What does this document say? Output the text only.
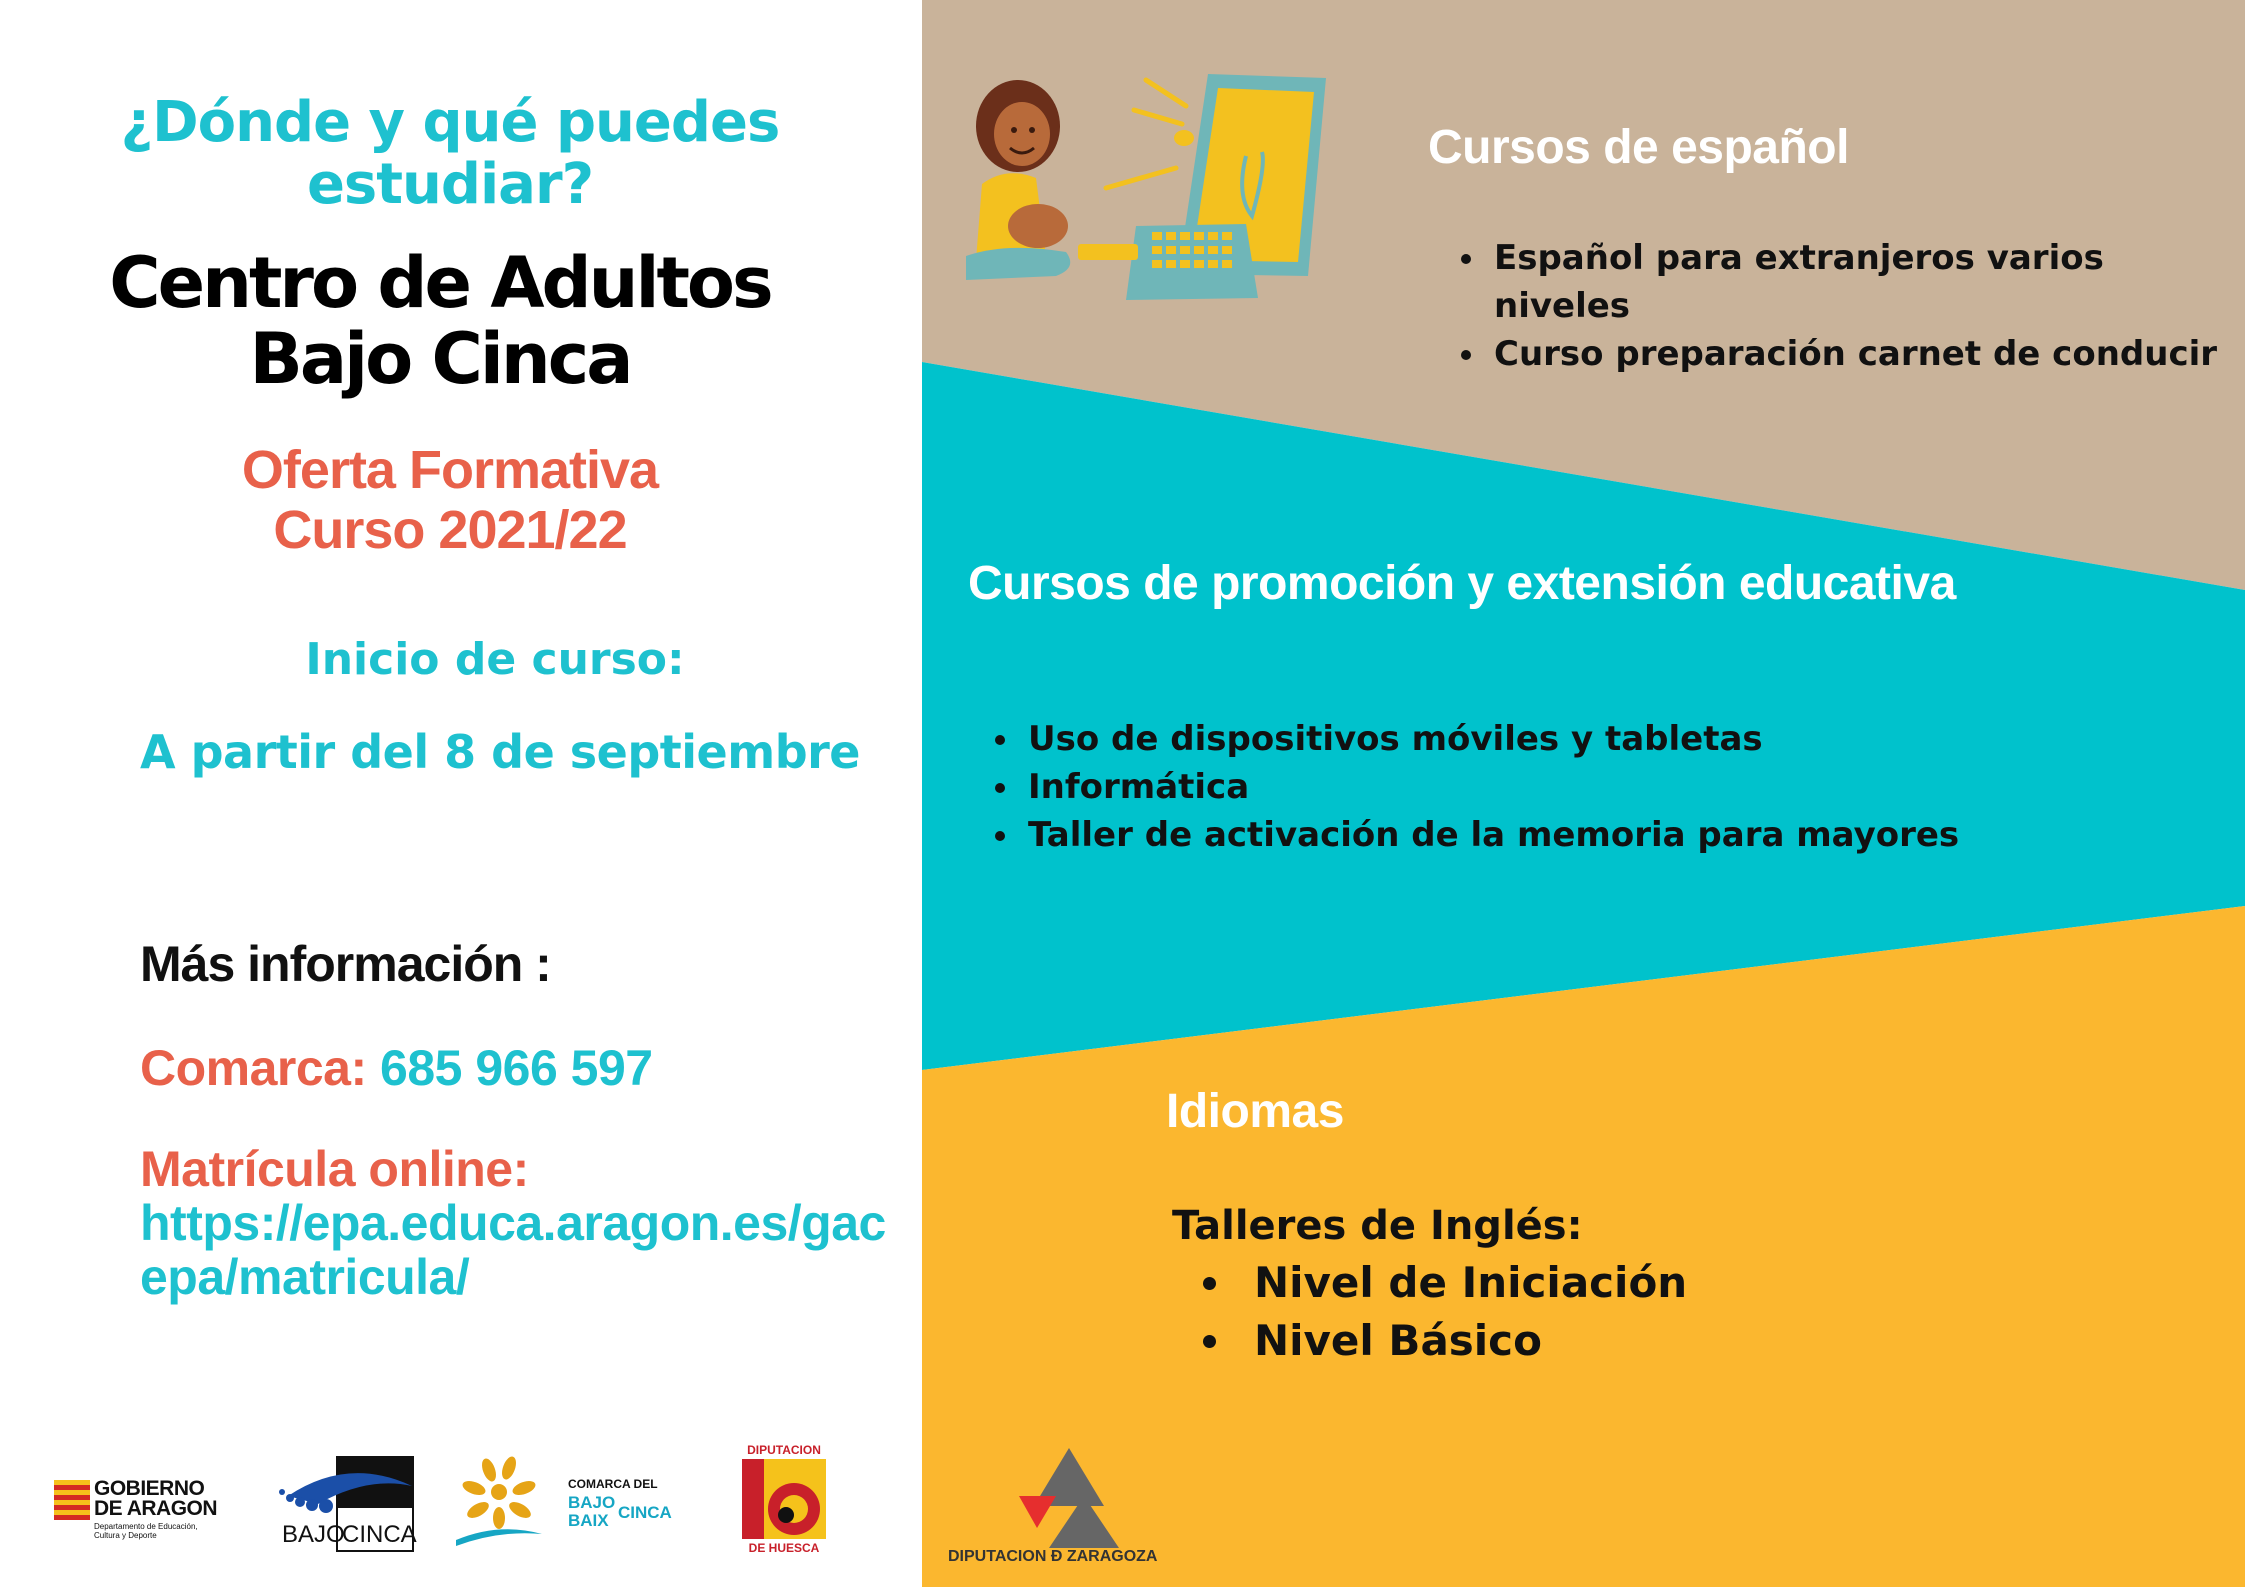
¿Dónde y qué puedes
estudiar?
Centro de Adultos
Bajo Cinca
Oferta Formativa
Curso 2021/22
Inicio de curso:
A partir del 8 de septiembre
Más información :
Comarca: 685 966 597
Matrícula online:
https://epa.educa.aragon.es/gacepa/matricula/
GOBIERNO
DE ARAGON
Departamento de Educación,
Cultura y Deporte	BAJO
CINCA
COMARCA DEL
BAJO
BAIX CINCA
DIPUTACION
DE HUESCA
Cursos de español
• Español para extranjeros varios niveles
• Curso preparación carnet de conducir
Cursos de promoción y extensión educativa
• Uso de dispositivos móviles y tabletas
• Informática
• Taller de activación de la memoria para mayores
Idiomas
Talleres de Inglés:
• Nivel de Iniciación
• Nivel Básico
DIPUTACION Ð ZARAGOZA
